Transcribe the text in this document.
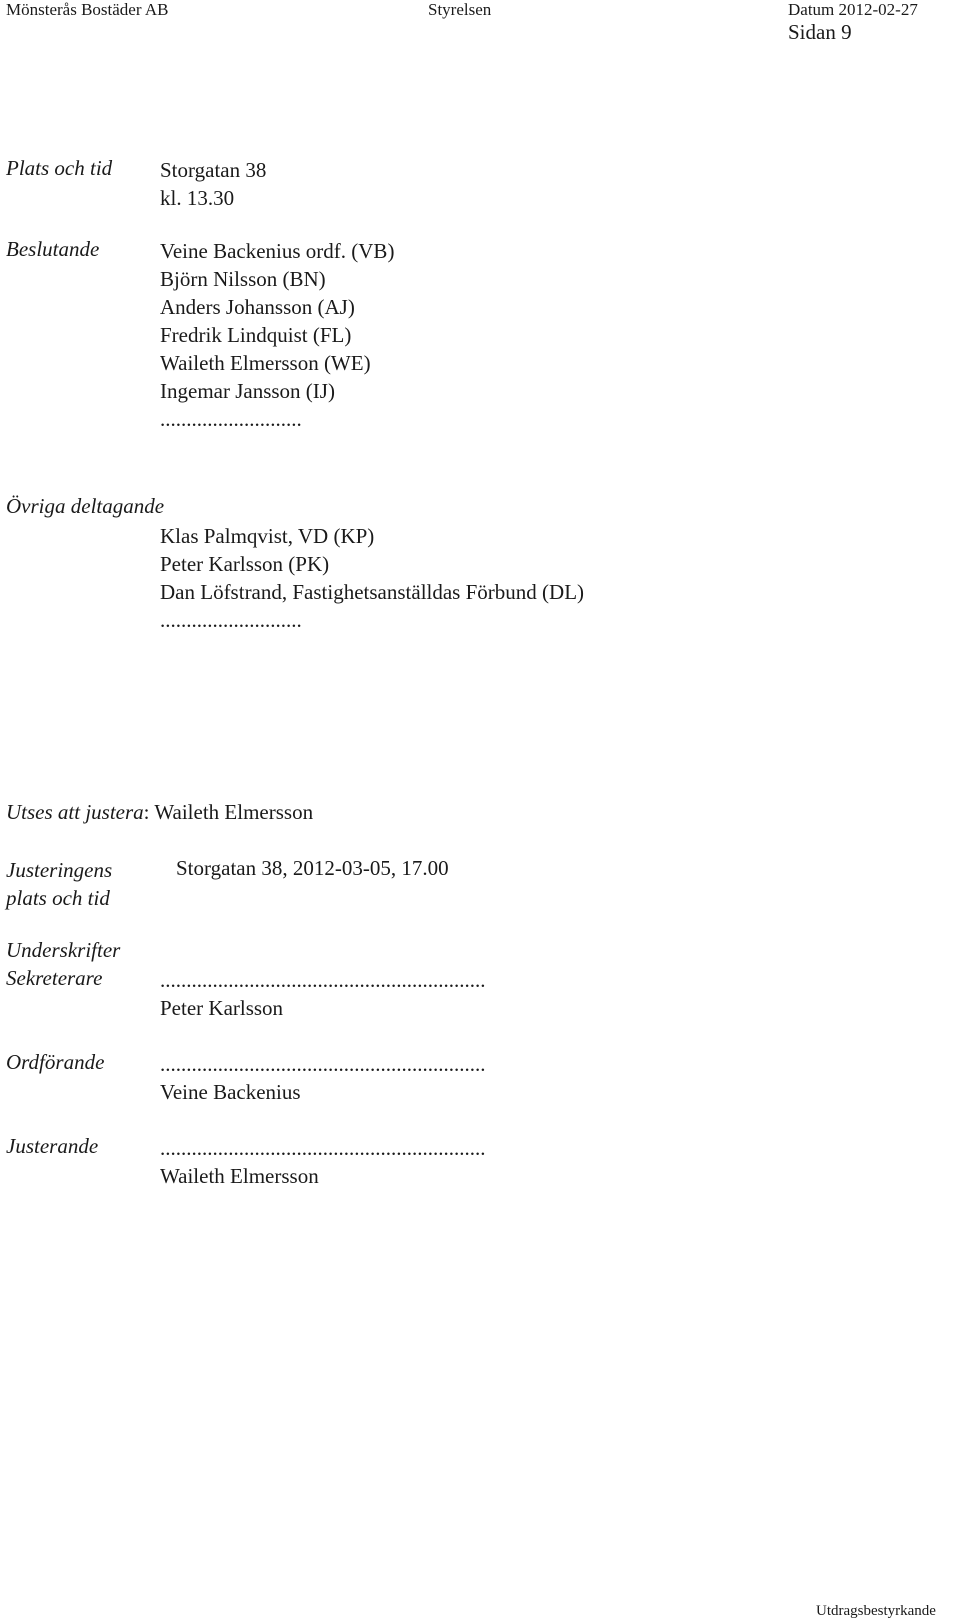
Mönsterås Bostäder AB	Styrelsen	Datum 2012-02-27
Sidan 9
Plats och tid Storgatan 38
kl. 13.30
Beslutande	Veine Backenius ordf. (VB)
Björn Nilsson (BN)
Anders Johansson (AJ)
Fredrik Lindquist (FL)
Waileth Elmersson (WE)
Ingemar Jansson (IJ)
...........................
Övriga deltagande
Klas Palmqvist, VD (KP)
Peter Karlsson (PK)
Dan Löfstrand, Fastighetsanställdas Förbund (DL)
...........................
Utses att justera: Waileth Elmersson
Justeringens
plats och tid
Storgatan 38, 2012-03-05, 17.00
Underskrifter
Sekreterare	..............................................................
Peter Karlsson
Ordförande	..............................................................
Veine Backenius
Justerande	..............................................................
Waileth Elmersson
Utdragsbestyrkande
